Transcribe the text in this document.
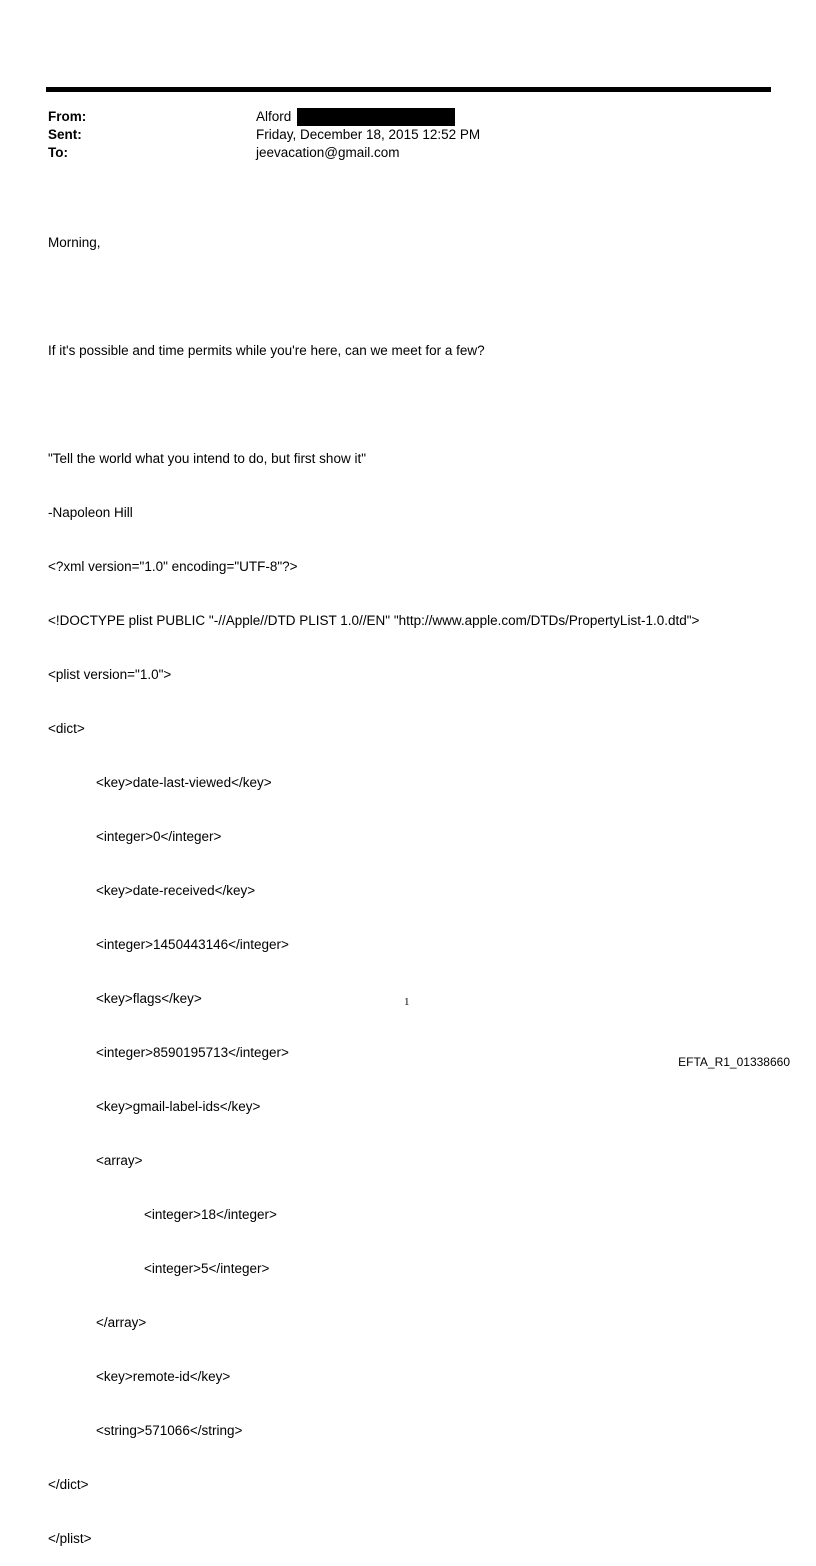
From:	Alford
Sent:	Friday, December 18, 2015 12:52 PM
To:	jeevacation@gmail.com

Morning,

If it's possible and time permits while you're here, can we meet for a few?

"Tell the world what you intend to do, but first show it"

-Napoleon Hill

<?xml version="1.0" encoding="UTF-8"?>

<!DOCTYPE plist PUBLIC "-//Apple//DTD PLIST 1.0//EN" "http://www.apple.com/DTDs/PropertyList-1.0.dtd">

<plist version="1.0">

<dict>

<key>date-last-viewed</key>

<integer>0</integer>

<key>date-received</key>

<integer>1450443146</integer>

<key>flags</key>

<integer>8590195713</integer>

<key>gmail-label-ids</key>

<array>

<integer>18</integer>

<integer>5</integer>

</array>

<key>remote-id</key>

<string>571066</string>

</dict>

</plist>

1
EFTA_R1_01338660
